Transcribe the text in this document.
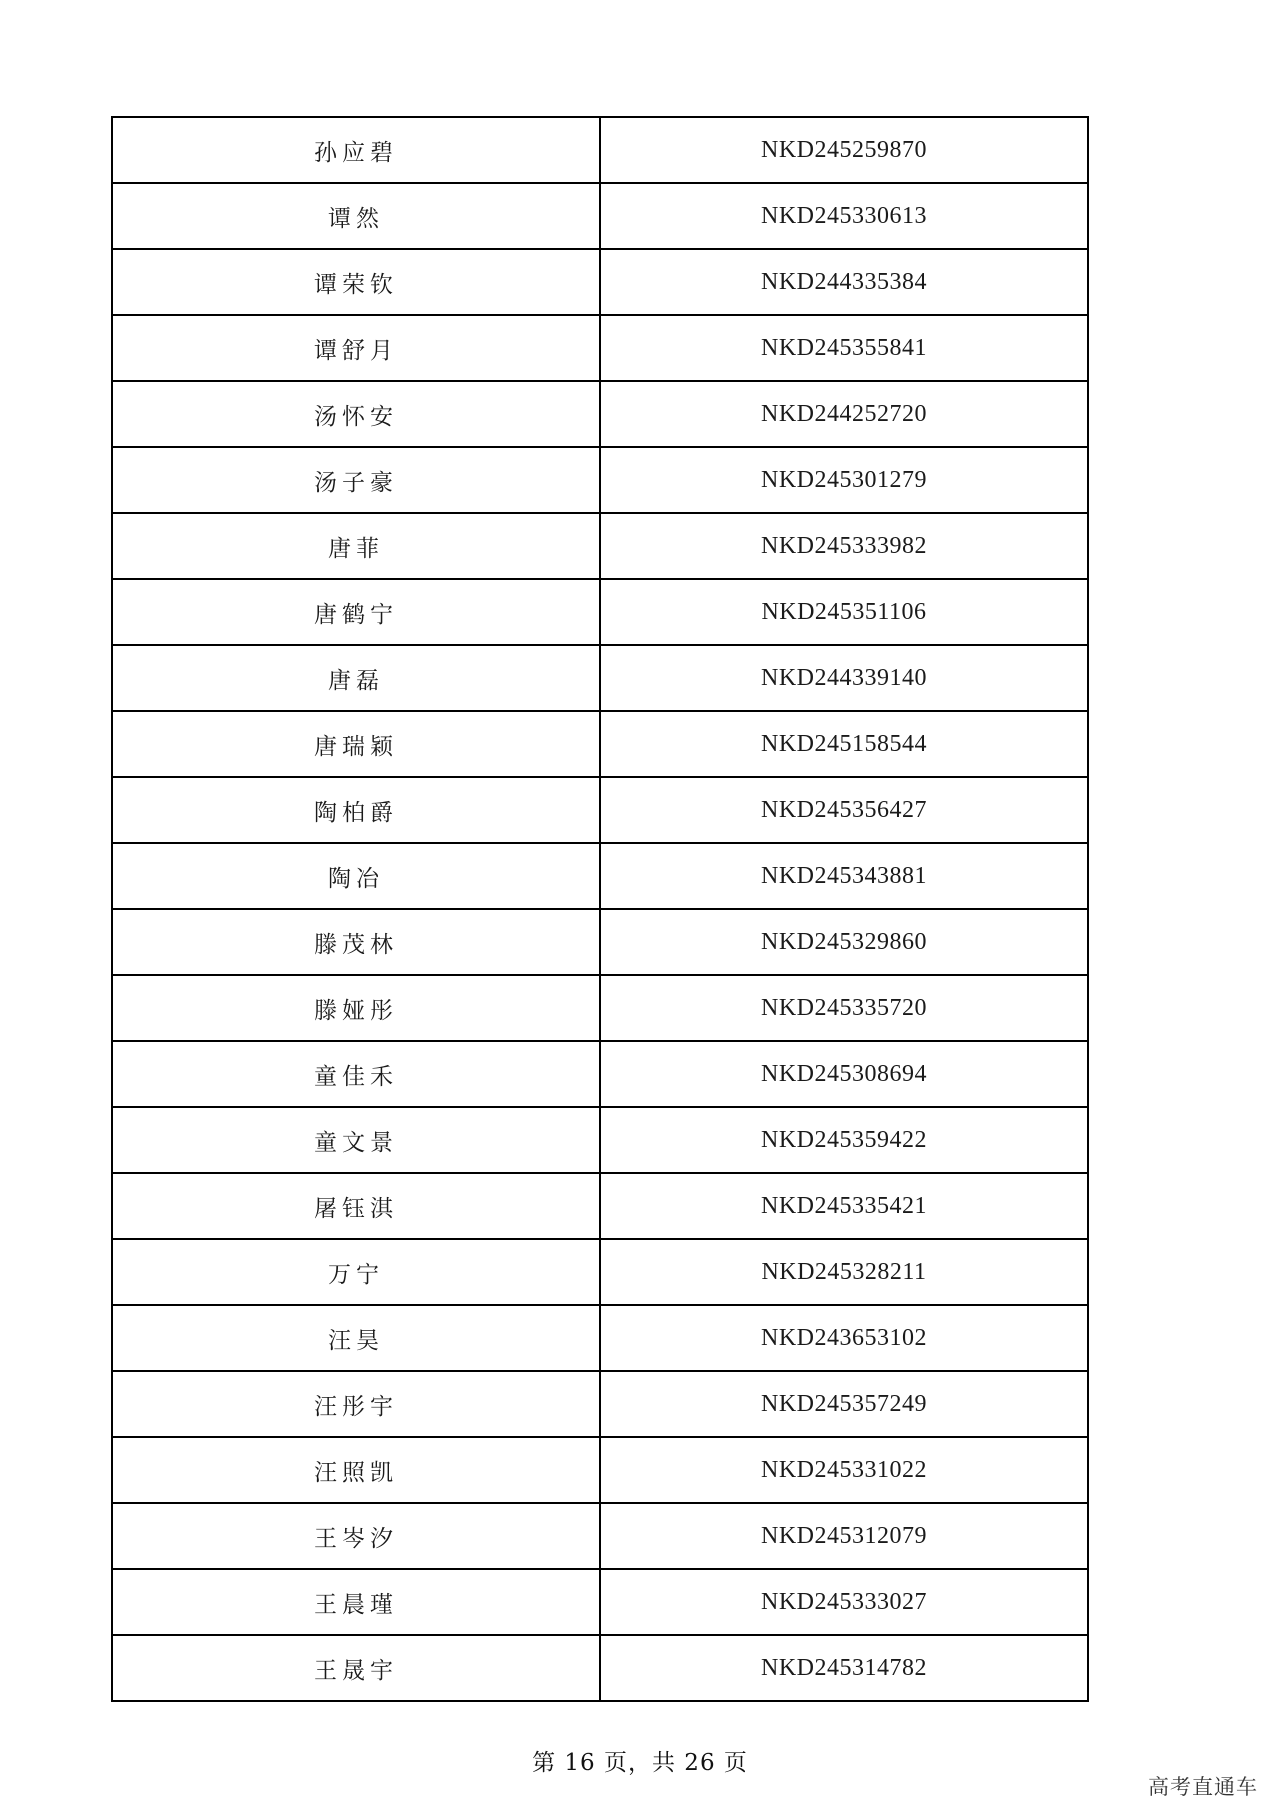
孙应碧	NKD245259870
谭然	NKD245330613
谭荣钦	NKD244335384
谭舒月	NKD245355841
汤怀安	NKD244252720
汤子豪	NKD245301279
唐菲	NKD245333982
唐鹤宁	NKD245351106
唐磊	NKD244339140
唐瑞颖	NKD245158544
陶柏爵	NKD245356427
陶冶	NKD245343881
滕茂林	NKD245329860
滕娅彤	NKD245335720
童佳禾	NKD245308694
童文景	NKD245359422
屠钰淇	NKD245335421
万宁	NKD245328211
汪昊	NKD243653102
汪彤宇	NKD245357249
汪照凯	NKD245331022
王岑汐	NKD245312079
王晨瑾	NKD245333027
王晟宇	NKD245314782
第 16 页，共 26 页
高考直通车
